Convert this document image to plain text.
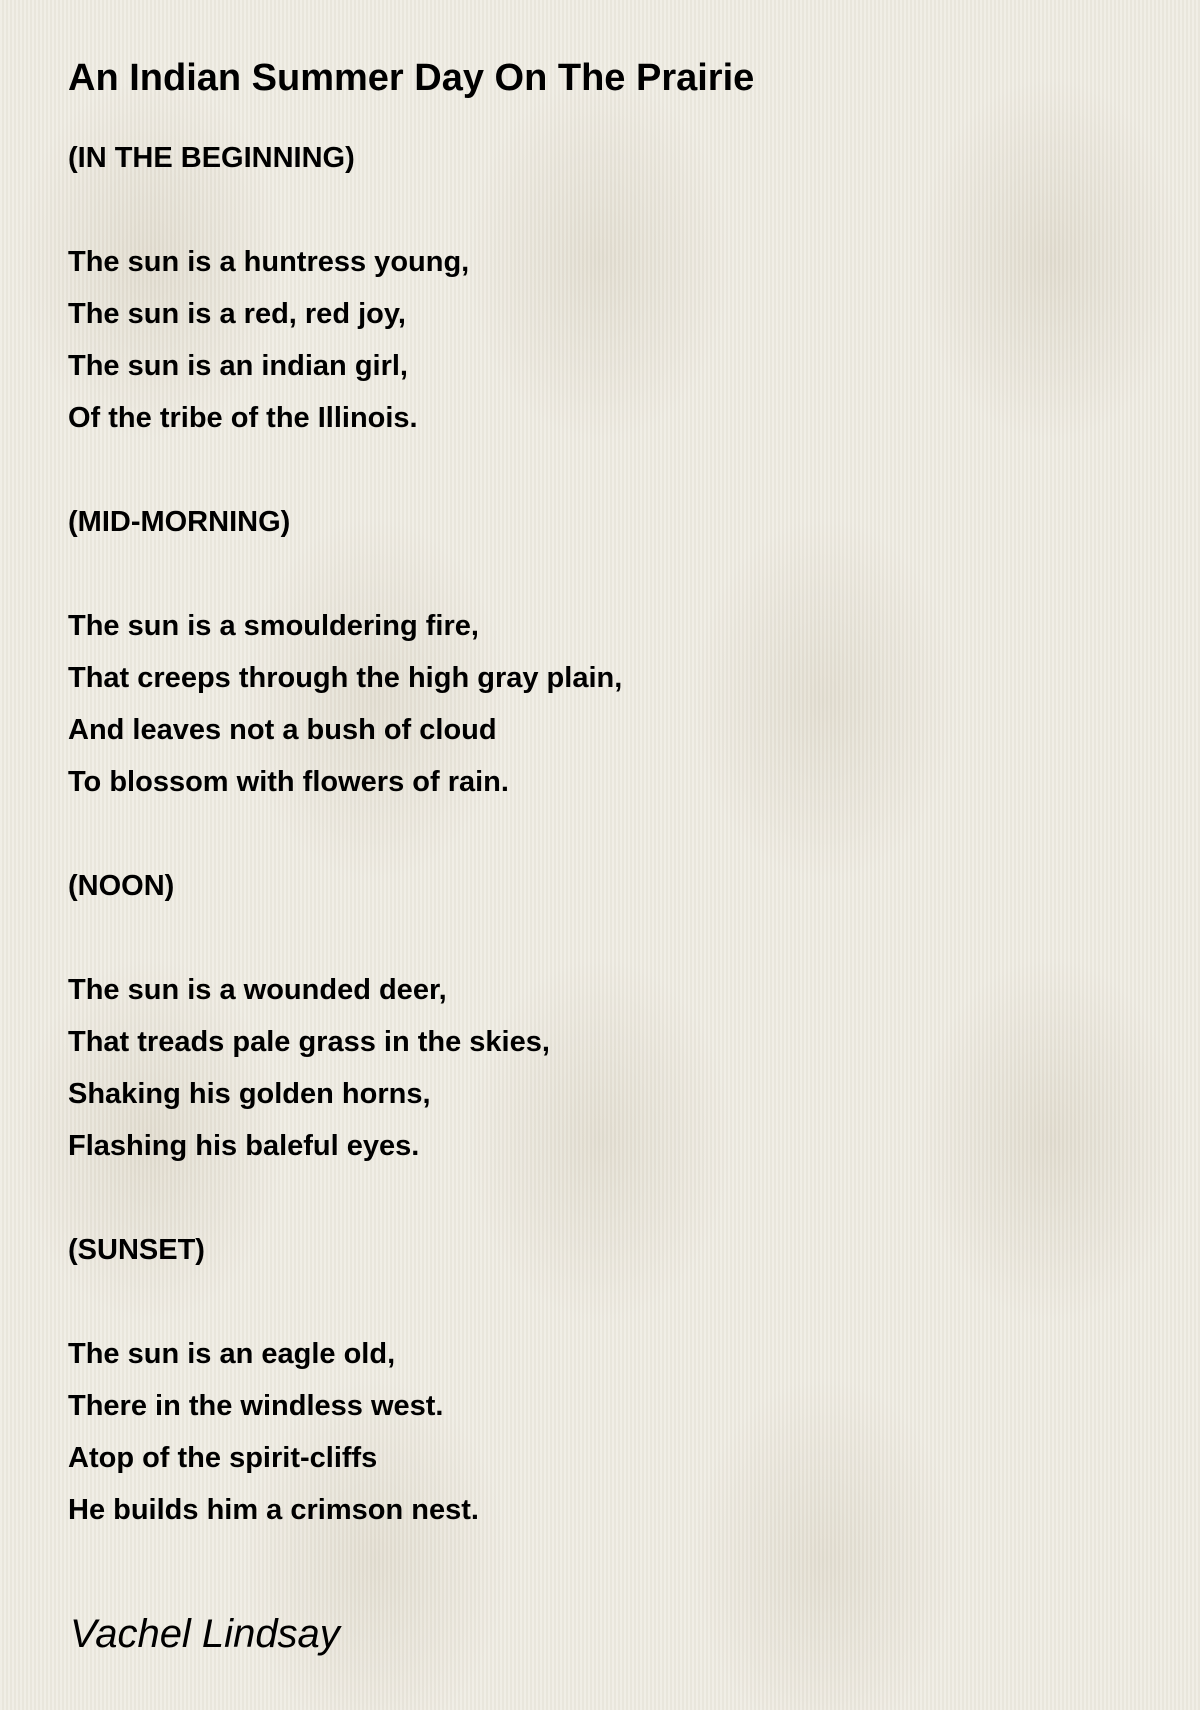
An Indian Summer Day On The Prairie
(IN THE BEGINNING)
The sun is a huntress young,
The sun is a red, red joy,
The sun is an indian girl,
Of the tribe of the Illinois.
(MID-MORNING)
The sun is a smouldering fire,
That creeps through the high gray plain,
And leaves not a bush of cloud
To blossom with flowers of rain.
(NOON)
The sun is a wounded deer,
That treads pale grass in the skies,
Shaking his golden horns,
Flashing his baleful eyes.
(SUNSET)
The sun is an eagle old,
There in the windless west.
Atop of the spirit-cliffs
He builds him a crimson nest.
Vachel Lindsay
